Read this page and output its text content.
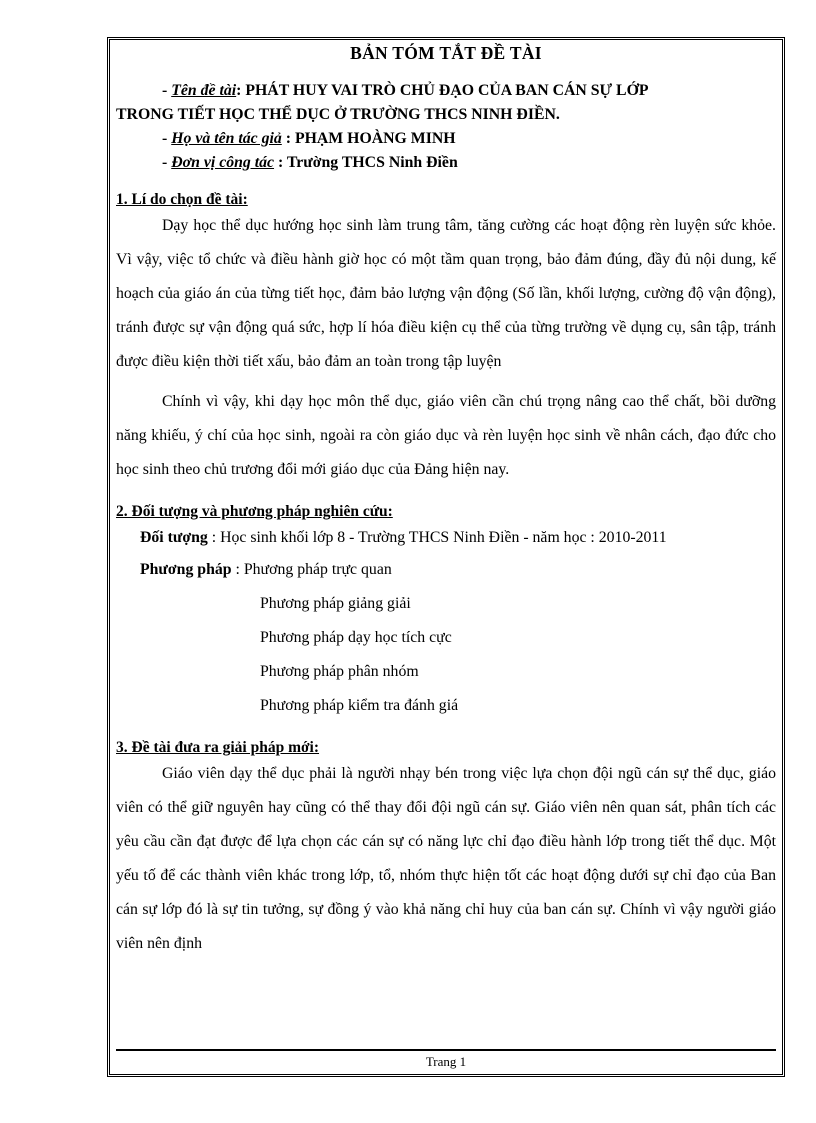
BẢN TÓM TẮT ĐỀ TÀI
- Tên đề tài: PHÁT HUY VAI TRÒ CHỦ ĐẠO CỦA BAN CÁN SỰ LỚP
TRONG TIẾT HỌC THỂ DỤC Ở TRƯỜNG THCS NINH ĐIỀN.
- Họ và tên tác giả : PHẠM HOÀNG MINH
- Đơn vị công tác : Trường THCS Ninh Điền
1. Lí do chọn đề tài:
Dạy học thể dục hướng học sinh làm trung tâm, tăng cường các hoạt động rèn luyện sức khỏe. Vì vậy, việc tổ chức và điều hành giờ học có một tầm quan trọng, bảo đảm đúng, đầy đủ nội dung, kế hoạch của giáo án của từng tiết học, đảm bảo lượng vận động (Số lần, khối lượng, cường độ vận động), tránh được sự vận động quá sức, hợp lí hóa điều kiện cụ thể của từng trường về dụng cụ, sân tập, tránh được điều kiện thời tiết xấu, bảo đảm an toàn trong tập luyện
Chính vì vậy, khi dạy học môn thể dục, giáo viên cần chú trọng nâng cao thể chất, bồi dưỡng năng khiếu, ý chí của học sinh, ngoài ra còn giáo dục và rèn luyện học sinh về nhân cách, đạo đức cho học sinh theo chủ trương đổi mới giáo dục của Đảng hiện nay.
2. Đối tượng và phương pháp nghiên cứu:
Đối tượng : Học sinh khối lớp 8 - Trường THCS Ninh Điền - năm học : 2010-2011
Phương pháp : Phương pháp trực quan
Phương pháp giảng giải
Phương pháp dạy học tích cực
Phương pháp phân nhóm
Phương pháp kiểm tra đánh giá
3. Đề tài đưa ra giải pháp mới:
Giáo viên dạy thể dục phải là người nhạy bén trong việc lựa chọn đội ngũ cán sự thể dục, giáo viên có thể giữ nguyên hay cũng có thể thay đổi đội ngũ cán sự. Giáo viên nên quan sát, phân tích các yêu cầu cần đạt được để lựa chọn các cán sự có năng lực chỉ đạo điều hành lớp trong tiết thể dục. Một yếu tố để các thành viên khác trong lớp, tổ, nhóm thực hiện tốt các hoạt động dưới sự chỉ đạo của Ban cán sự lớp đó là sự tin tưởng, sự đồng ý vào khả năng chỉ huy của ban cán sự. Chính vì vậy người giáo viên nên định
Trang 1
